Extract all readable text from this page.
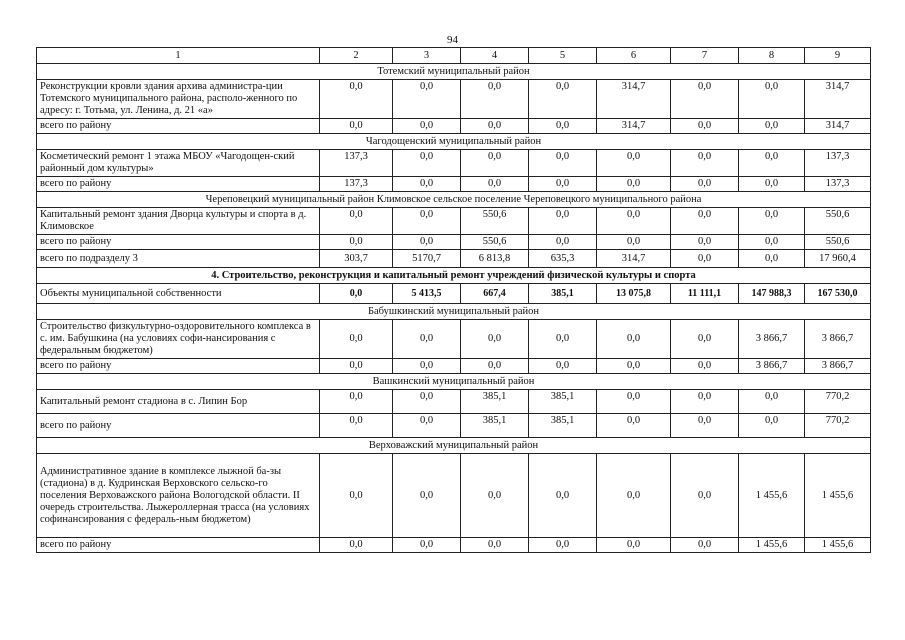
94
1	2	3	4	5	6	7	8	9
Тотемский муниципальный район								
Реконструкции кровли здания архива администра-ции Тотемского муниципального района, располо-женного по адресу: г. Тотьма, ул. Ленина, д. 21 «а»	0,0	0,0	0,0	0,0	314,7	0,0	0,0	314,7
всего по району	0,0	0,0	0,0	0,0	314,7	0,0	0,0	314,7
Чагодощенский муниципальный район								
Косметический ремонт 1 этажа МБОУ «Чагодощен-ский районный дом культуры»	137,3	0,0	0,0	0,0	0,0	0,0	0,0	137,3
всего по району	137,3	0,0	0,0	0,0	0,0	0,0	0,0	137,3
Череповецкий муниципальный район Климовское сельское поселение Череповецкого муниципального района								
Капитальный ремонт здания Дворца культуры и спорта в д. Климовское	0,0	0,0	550,6	0,0	0,0	0,0	0,0	550,6
всего по району	0,0	0,0	550,6	0,0	0,0	0,0	0,0	550,6
всего по подразделу 3	303,7	5170,7	6 813,8	635,3	314,7	0,0	0,0	17 960,4
4. Строительство, реконструкция и капитальный ремонт учреждений физической культуры и спорта								
Объекты муниципальной собственности	0,0	5 413,5	667,4	385,1	13 075,8	11 111,1	147 988,3	167 530,0
Бабушкинский муниципальный район								
Строительство физкультурно-оздоровительного комплекса в с. им. Бабушкина (на условиях софи-нансирования с федеральным бюджетом)	0,0	0,0	0,0	0,0	0,0	0,0	3 866,7	3 866,7
всего по району	0,0	0,0	0,0	0,0	0,0	0,0	3 866,7	3 866,7
Вашкинский муниципальный район								
Капитальный ремонт стадиона в с. Липин Бор	0,0	0,0	385,1	385,1	0,0	0,0	0,0	770,2
всего по району	0,0	0,0	385,1	385,1	0,0	0,0	0,0	770,2
Верховажский муниципальный район								
Административное здание в комплексе лыжной ба-зы (стадиона) в д. Кудринская Верховского сельско-го поселения Верховажского района Вологодской области. II очередь строительства. Лыжероллерная трасса (на условиях софинансирования с федераль-ным бюджетом)	0,0	0,0	0,0	0,0	0,0	0,0	1 455,6	1 455,6
всего по району	0,0	0,0	0,0	0,0	0,0	0,0	1 455,6	1 455,6
